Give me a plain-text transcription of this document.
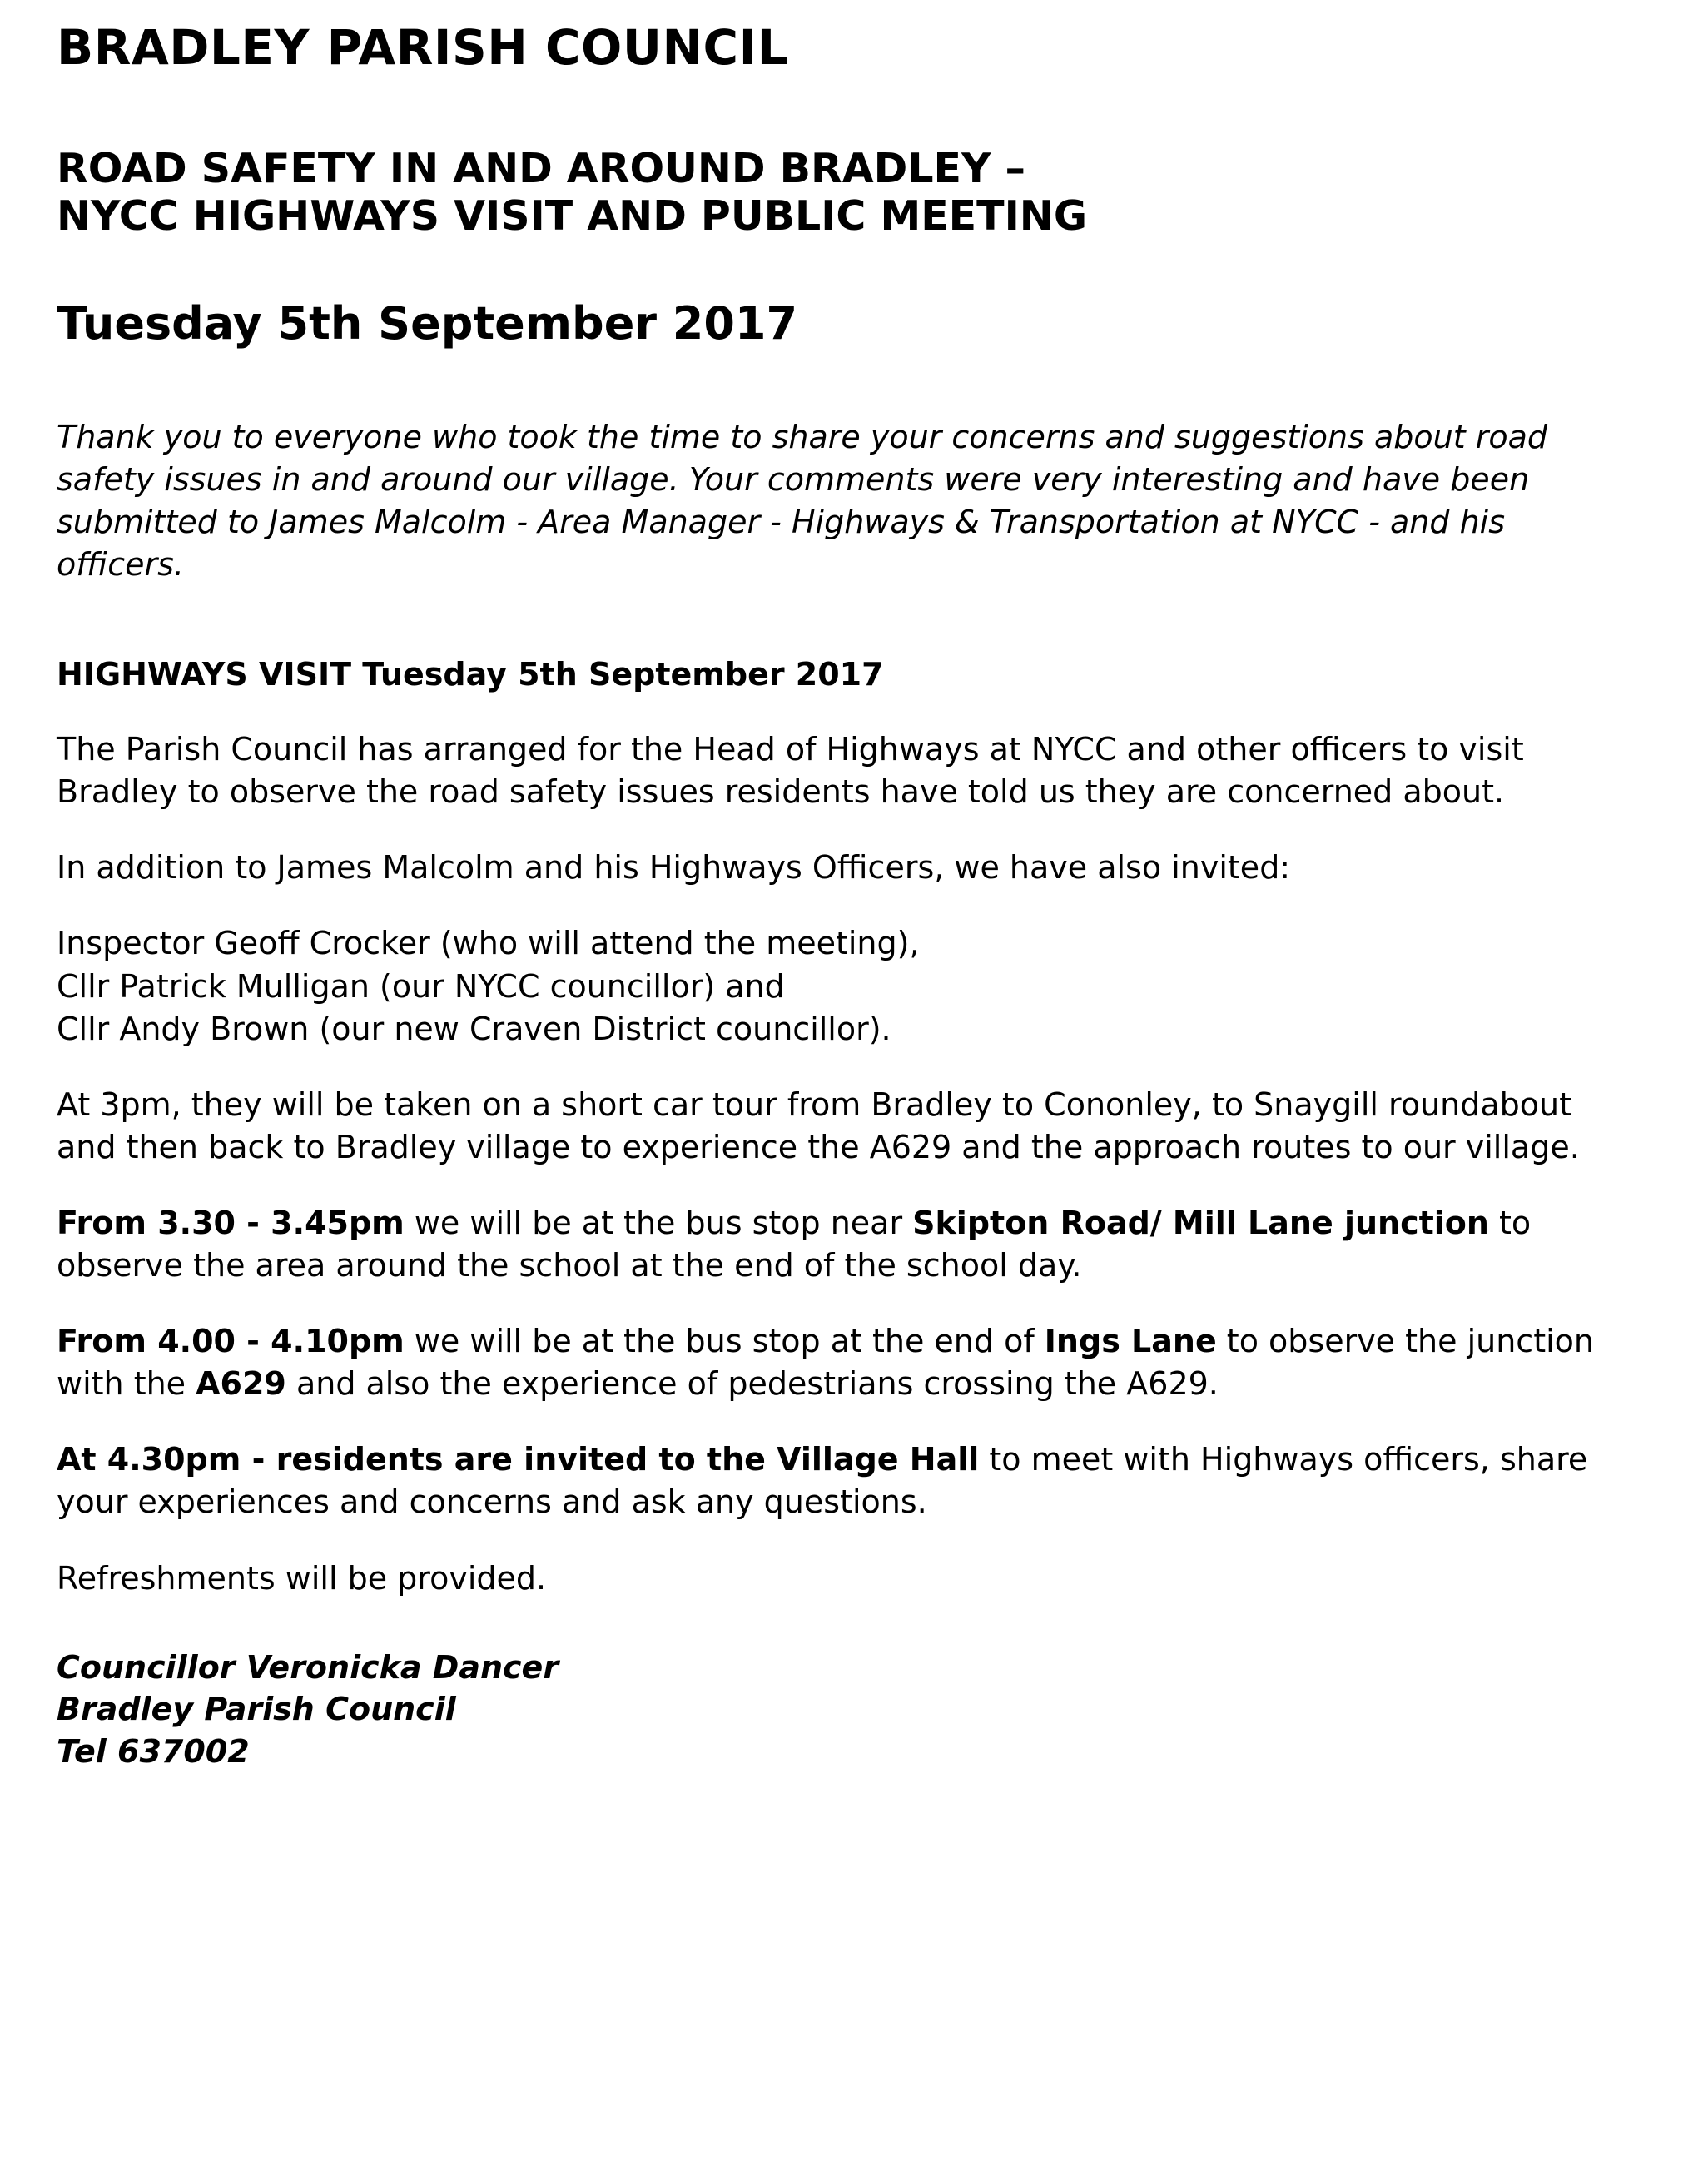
BRADLEY PARISH COUNCIL
ROAD SAFETY IN AND AROUND BRADLEY –
NYCC HIGHWAYS VISIT AND PUBLIC MEETING
Tuesday 5th September 2017

Thank you to everyone who took the time to share your concerns and suggestions about road safety issues in and around our village. Your comments were very interesting and have been submitted to James Malcolm - Area Manager - Highways & Transportation at NYCC - and his officers.

HIGHWAYS VISIT Tuesday 5th September 2017

The Parish Council has arranged for the Head of Highways at NYCC and other officers to visit Bradley to observe the road safety issues residents have told us they are concerned about.

In addition to James Malcolm and his Highways Officers, we have also invited:

Inspector Geoff Crocker (who will attend the meeting),
Cllr Patrick Mulligan (our NYCC councillor) and
Cllr Andy Brown (our new Craven District councillor).

At 3pm, they will be taken on a short car tour from Bradley to Cononley, to Snaygill roundabout and then back to Bradley village to experience the A629 and the approach routes to our village.

From 3.30 - 3.45pm we will be at the bus stop near Skipton Road/ Mill Lane junction to observe the area around the school at the end of the school day.

From 4.00 - 4.10pm we will be at the bus stop at the end of Ings Lane to observe the junction with the A629 and also the experience of pedestrians crossing the A629.

At 4.30pm - residents are invited to the Village Hall to meet with Highways officers, share your experiences and concerns and ask any questions.

Refreshments will be provided.

Councillor Veronicka Dancer
Bradley Parish Council
Tel 637002
